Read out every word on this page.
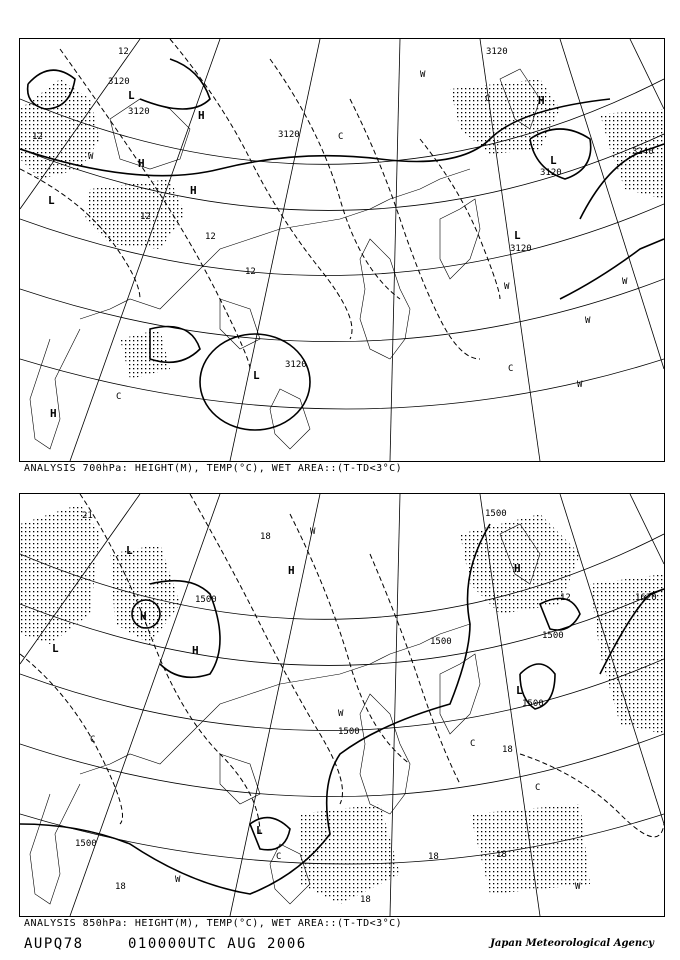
3120
3120
3120
3120
3120
3120
3120
3240
12
12
12
12
12
L
L
L
L
L
H
H
H
H
H
W
W
W	W
W
W
C
C
C
C
ANALYSIS 700hPa: HEIGHT(M), TEMP(°C), WET AREA::(T-TD<3°C)
1500
1500
1500
1500
1500
1500
1500
1620
18
18
18	18
18
18
21
12
L
L
L
L
H
H
H
H
W
W
W
W
C	C
C
C
ANALYSIS 850hPa: HEIGHT(M), TEMP(°C), WET AREA::(T-TD<3°C)
AUPQ78	010000UTC AUG 2006	Japan Meteorological Agency
